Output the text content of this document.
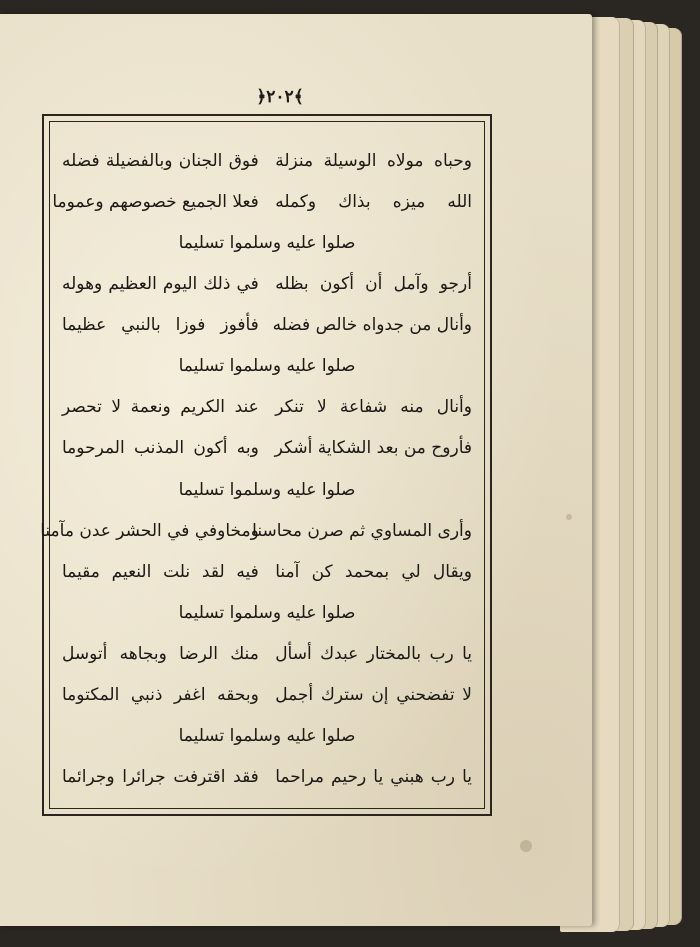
﴿٢٠٢﴾
فوق الجنان وبالفضيلة فضله وحباه مولاه الوسيلة منزلة
فعلا الجميع خصوصهم وعموما الله ميزه بذاك وكمله
صلوا عليه وسلموا تسليما
في ذلك اليوم العظيم وهوله أرجو وآمل أن أكون بظله
فأفوز فوزا بالنبي عظيما وأنال من جدواه خالص فضله
صلوا عليه وسلموا تسليما
عند الكريم ونعمة لا تحصر وأنال منه شفاعة لا تنكر
وبه أكون المذنب المرحوما فأروح من بعد الشكاية أشكر
صلوا عليه وسلموا تسليما
ومخاوفي في الحشر عدن مآمنا
وأرى المساوي ثم صرن محاسنا
فيه لقد نلت النعيم مقيما ويقال لي بمحمد كن آمنا
صلوا عليه وسلموا تسليما
منك الرضا وبجاهه أتوسل يا رب بالمختار عبدك أسأل
وبحقه اغفر ذنبي المكتوما لا تفضحني إن سترك أجمل
صلوا عليه وسلموا تسليما
فقد اقترفت جرائرا وجرائما يا رب هبني يا رحيم مراحما
